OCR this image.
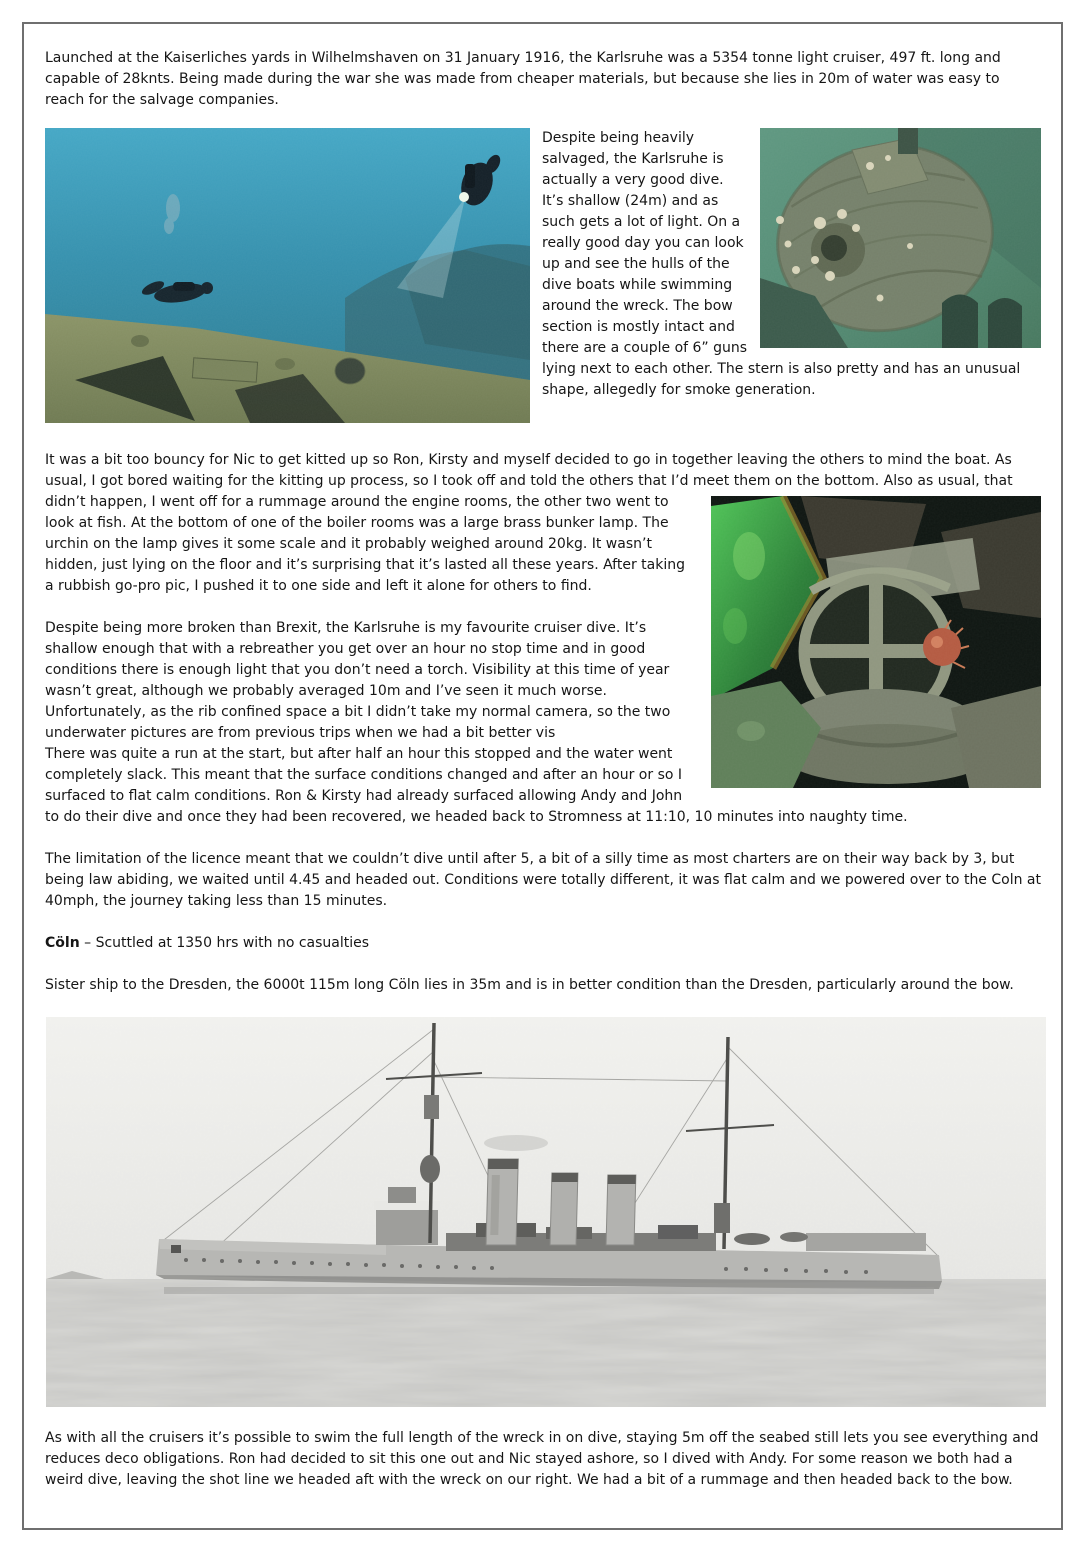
Launched at the Kaiserliches yards in Wilhelmshaven on 31 January 1916, the Karlsruhe was a 5354 tonne light cruiser, 497 ft. long and capable of 28knts. Being made during the war she was made from cheaper materials, but because she lies in 20m of water was easy to reach for the salvage companies.

Despite being heavily salvaged, the Karlsruhe is actually a very good dive. It’s shallow (24m) and as such gets a lot of light. On a really good day you can look up and see the hulls of the dive boats while swimming around the wreck. The bow section is mostly intact and there are a couple of 6” guns lying next to each other. The stern is also pretty and has an unusual shape, allegedly for smoke generation.

It was a bit too bouncy for Nic to get kitted up so Ron, Kirsty and myself decided to go in together leaving the others to mind the boat. As usual, I got bored waiting for the kitting up process, so I took off and told the others that I’d meet them on the bottom. Also as usual, that
didn’t happen, I went off for a rummage around the engine rooms, the other two went to look at fish. At the bottom of one of the boiler rooms was a large brass bunker lamp. The urchin on the lamp gives it some scale and it probably weighed around 20kg. It wasn’t hidden, just lying on the floor and it’s surprising that it’s lasted all these years. After taking a rubbish go-pro pic, I pushed it to one side and left it alone for others to find.

Despite being more broken than Brexit, the Karlsruhe is my favourite cruiser dive. It’s shallow enough that with a rebreather you get over an hour no stop time and in good conditions there is enough light that you don’t need a torch. Visibility at this time of year wasn’t great, although we probably averaged 10m and I’ve seen it much worse. Unfortunately, as the rib confined space a bit I didn’t take my normal camera, so the two underwater pictures are from previous trips when we had a bit better vis

There was quite a run at the start, but after half an hour this stopped and the water went completely slack. This meant that the surface conditions changed and after an hour or so I surfaced to flat calm conditions. Ron & Kirsty had already surfaced allowing Andy and John to do their dive and once they had been recovered, we headed back to Stromness at 11:10, 10 minutes into naughty time.

The limitation of the licence meant that we couldn’t dive until after 5, a bit of a silly time as most charters are on their way back by 3, but being law abiding, we waited until 4.45 and headed out. Conditions were totally different, it was flat calm and we powered over to the Coln at 40mph, the journey taking less than 15 minutes.

Cöln – Scuttled at 1350 hrs with no casualties

Sister ship to the Dresden, the 6000t 115m long Cöln lies in 35m and is in better condition than the Dresden, particularly around the bow.

As with all the cruisers it’s possible to swim the full length of the wreck in on dive, staying 5m off the seabed still lets you see everything and reduces deco obligations. Ron had decided to sit this one out and Nic stayed ashore, so I dived with Andy. For some reason we both had a weird dive, leaving the shot line we headed aft with the wreck on our right. We had a bit of a rummage and then headed back to the bow.
